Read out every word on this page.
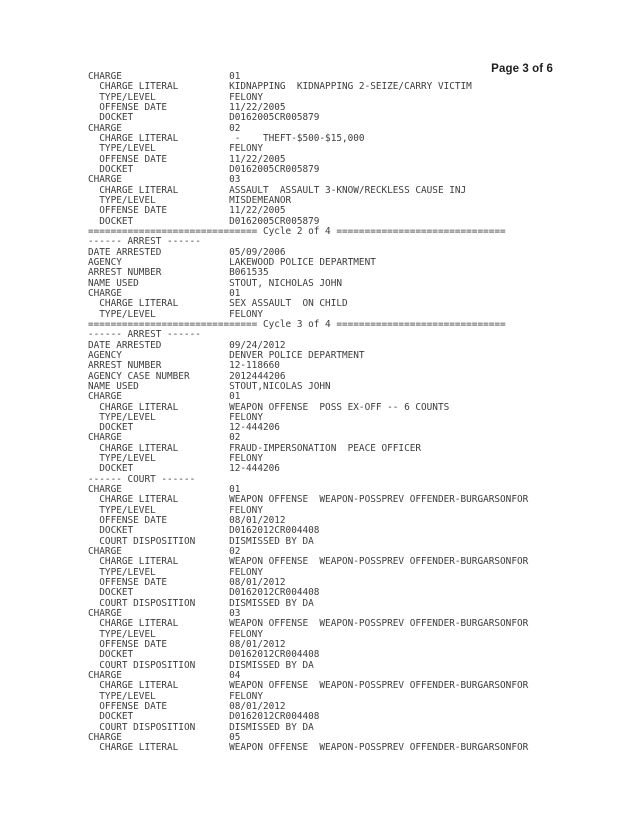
Page 3 of 6
CHARGE                   01
CHARGE LITERAL         KIDNAPPING  KIDNAPPING 2-SEIZE/CARRY VICTIM
TYPE/LEVEL             FELONY
OFFENSE DATE           11/22/2005
DOCKET                 D0162005CR005879
CHARGE                   02
CHARGE LITERAL          -    THEFT-$500-$15,000
TYPE/LEVEL             FELONY
OFFENSE DATE           11/22/2005
DOCKET                 D0162005CR005879
CHARGE                   03
CHARGE LITERAL         ASSAULT  ASSAULT 3-KNOW/RECKLESS CAUSE INJ
TYPE/LEVEL             MISDEMEANOR
OFFENSE DATE           11/22/2005
DOCKET                 D0162005CR005879
============================== Cycle 2 of 4 ==============================
------ ARREST ------
DATE ARRESTED            05/09/2006
AGENCY                   LAKEWOOD POLICE DEPARTMENT
ARREST NUMBER            B061535
NAME USED                STOUT, NICHOLAS JOHN
CHARGE                   01
CHARGE LITERAL         SEX ASSAULT  ON CHILD
TYPE/LEVEL             FELONY
============================== Cycle 3 of 4 ==============================
------ ARREST ------
DATE ARRESTED            09/24/2012
AGENCY                   DENVER POLICE DEPARTMENT
ARREST NUMBER            12-118660
AGENCY CASE NUMBER       2012444206
NAME USED                STOUT,NICOLAS JOHN
CHARGE                   01
CHARGE LITERAL         WEAPON OFFENSE  POSS EX-OFF -- 6 COUNTS
TYPE/LEVEL             FELONY
DOCKET                 12-444206
CHARGE                   02
CHARGE LITERAL         FRAUD-IMPERSONATION  PEACE OFFICER
TYPE/LEVEL             FELONY
DOCKET                 12-444206
------ COURT ------
CHARGE                   01
CHARGE LITERAL         WEAPON OFFENSE  WEAPON-POSSPREV OFFENDER-BURGARSONFOR
TYPE/LEVEL             FELONY
OFFENSE DATE           08/01/2012
DOCKET                 D0162012CR004408
COURT DISPOSITION      DISMISSED BY DA
CHARGE                   02
CHARGE LITERAL         WEAPON OFFENSE  WEAPON-POSSPREV OFFENDER-BURGARSONFOR
TYPE/LEVEL             FELONY
OFFENSE DATE           08/01/2012
DOCKET                 D0162012CR004408
COURT DISPOSITION      DISMISSED BY DA
CHARGE                   03
CHARGE LITERAL         WEAPON OFFENSE  WEAPON-POSSPREV OFFENDER-BURGARSONFOR
TYPE/LEVEL             FELONY
OFFENSE DATE           08/01/2012
DOCKET                 D0162012CR004408
COURT DISPOSITION      DISMISSED BY DA
CHARGE                   04
CHARGE LITERAL         WEAPON OFFENSE  WEAPON-POSSPREV OFFENDER-BURGARSONFOR
TYPE/LEVEL             FELONY
OFFENSE DATE           08/01/2012
DOCKET                 D0162012CR004408
COURT DISPOSITION      DISMISSED BY DA
CHARGE                   05
CHARGE LITERAL         WEAPON OFFENSE  WEAPON-POSSPREV OFFENDER-BURGARSONFOR
